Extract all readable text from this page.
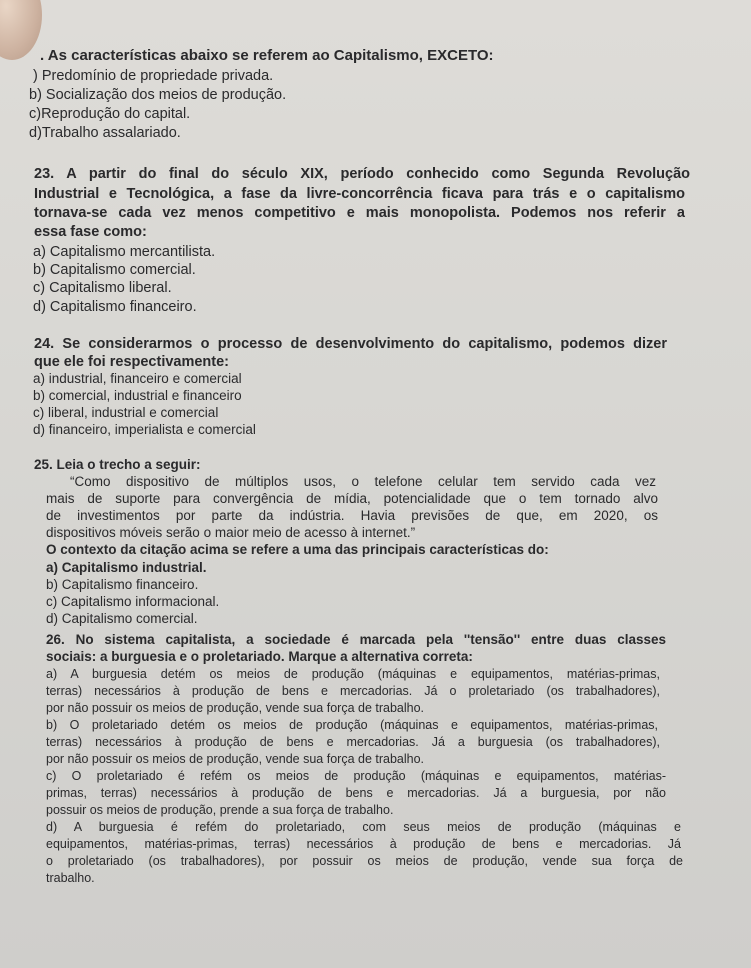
. As características abaixo se referem ao Capitalismo, EXCETO:
) Predomínio de propriedade privada.
b) Socialização dos meios de produção.
c)Reprodução do capital.
d)Trabalho assalariado.
23. A partir do final do século XIX, período conhecido como Segunda Revolução
Industrial e Tecnológica, a fase da livre-concorrência ficava para trás e o capitalismo
tornava-se cada vez menos competitivo e mais monopolista. Podemos nos referir a
essa fase como:
a) Capitalismo mercantilista.
b) Capitalismo comercial.
c) Capitalismo liberal.
d) Capitalismo financeiro.
24. Se considerarmos o processo de desenvolvimento do capitalismo, podemos dizer
que ele foi respectivamente:
a) industrial, financeiro e comercial
b) comercial, industrial e financeiro
c) liberal, industrial e comercial
d) financeiro, imperialista e comercial
25. Leia o trecho a seguir:
“Como dispositivo de múltiplos usos, o telefone celular tem servido cada vez
mais de suporte para convergência de mídia, potencialidade que o tem tornado alvo
de investimentos por parte da indústria. Havia previsões de que, em 2020, os
dispositivos móveis serão o maior meio de acesso à internet.”
O contexto da citação acima se refere a uma das principais características do:
a) Capitalismo industrial.
b) Capitalismo financeiro.
c) Capitalismo informacional.
d) Capitalismo comercial.
26. No sistema capitalista, a sociedade é marcada pela ''tensão'' entre duas classes
sociais: a burguesia e o proletariado. Marque a alternativa correta:
a) A burguesia detém os meios de produção (máquinas e equipamentos, matérias-primas,
terras) necessários à produção de bens e mercadorias. Já o proletariado (os trabalhadores),
por não possuir os meios de produção, vende sua força de trabalho.
b) O proletariado detém os meios de produção (máquinas e equipamentos, matérias-primas,
terras) necessários à produção de bens e mercadorias. Já a burguesia (os trabalhadores),
por não possuir os meios de produção, vende sua força de trabalho.
c) O proletariado é refém os meios de produção (máquinas e equipamentos, matérias-
primas, terras) necessários à produção de bens e mercadorias. Já a burguesia, por não
possuir os meios de produção, prende a sua força de trabalho.
d) A burguesia é refém do proletariado, com seus meios de produção (máquinas e
equipamentos, matérias-primas, terras) necessários à produção de bens e mercadorias. Já
o proletariado (os trabalhadores), por possuir os meios de produção, vende sua força de
trabalho.
